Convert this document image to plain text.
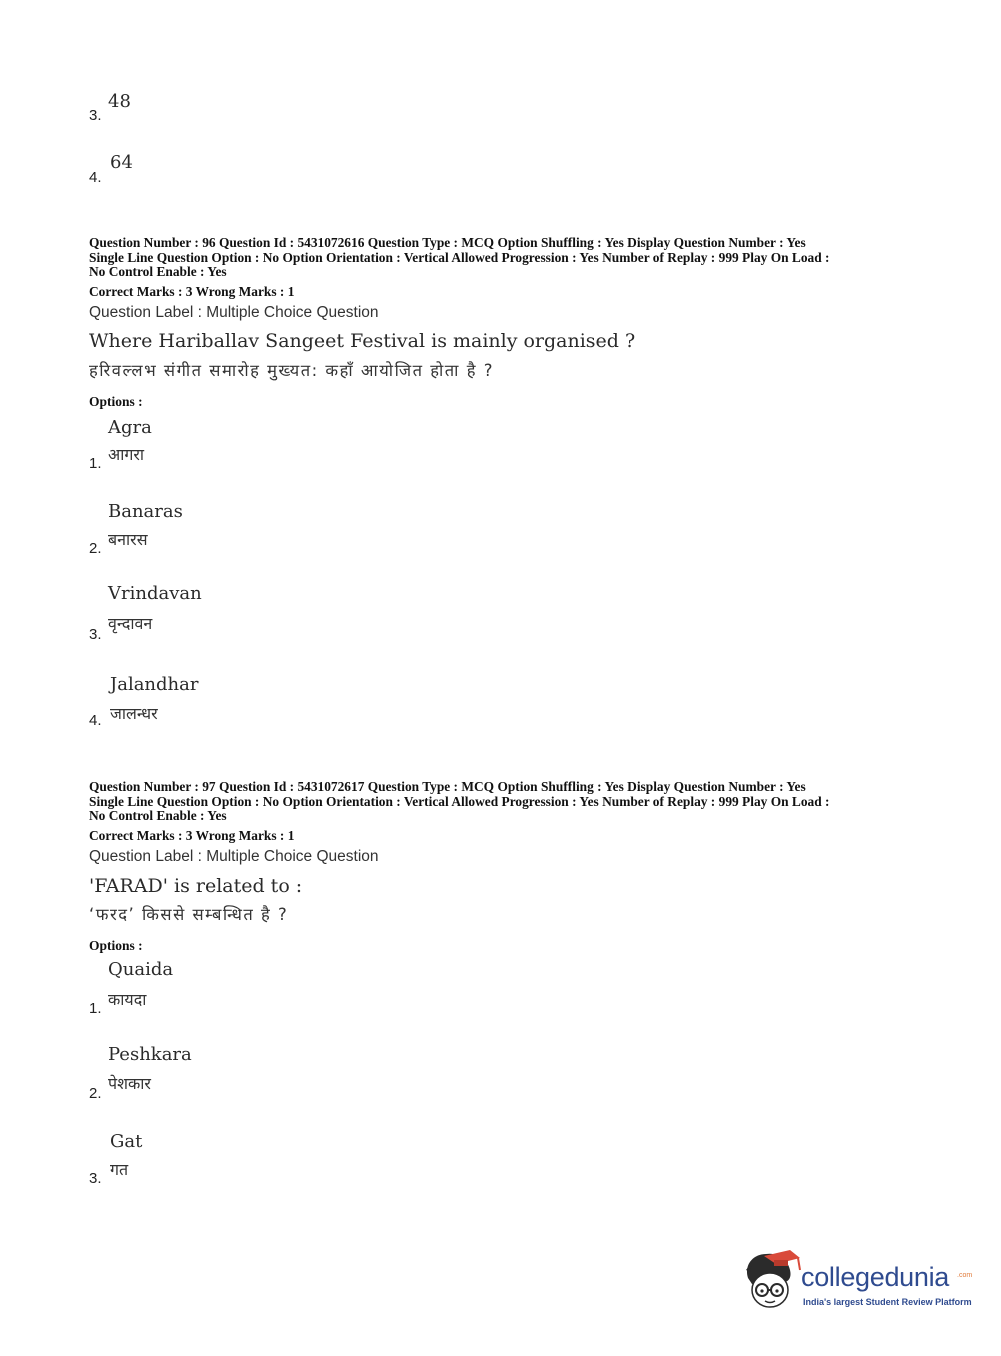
3.
48
4.
64
Question Number : 96 Question Id : 5431072616 Question Type : MCQ Option Shuffling : Yes Display Question Number : Yes
Single Line Question Option : No Option Orientation : Vertical Allowed Progression : Yes Number of Replay : 999 Play On Load :
No Control Enable : Yes
Correct Marks : 3 Wrong Marks : 1
Question Label : Multiple Choice Question
Where Hariballav Sangeet Festival is mainly organised ?
हरिवल्लभ संगीत समारोह मुख्यत: कहाँ आयोजित होता है ?
Options :
Agra
1. आगरा
Banaras
2. बनारस
Vrindavan
3.
वृन्दावन
Jalandhar
4. जालन्धर
Question Number : 97 Question Id : 5431072617 Question Type : MCQ Option Shuffling : Yes Display Question Number : Yes
Single Line Question Option : No Option Orientation : Vertical Allowed Progression : Yes Number of Replay : 999 Play On Load :
No Control Enable : Yes
Correct Marks : 3 Wrong Marks : 1
Question Label : Multiple Choice Question
'FARAD' is related to :
‘फरद’ किससे सम्बन्धित है ?
Options :
Quaida
1. कायदा
Peshkara
2.
पेशकार
Gat
3. गत
collegedunia .com
India's largest Student Review Platform
